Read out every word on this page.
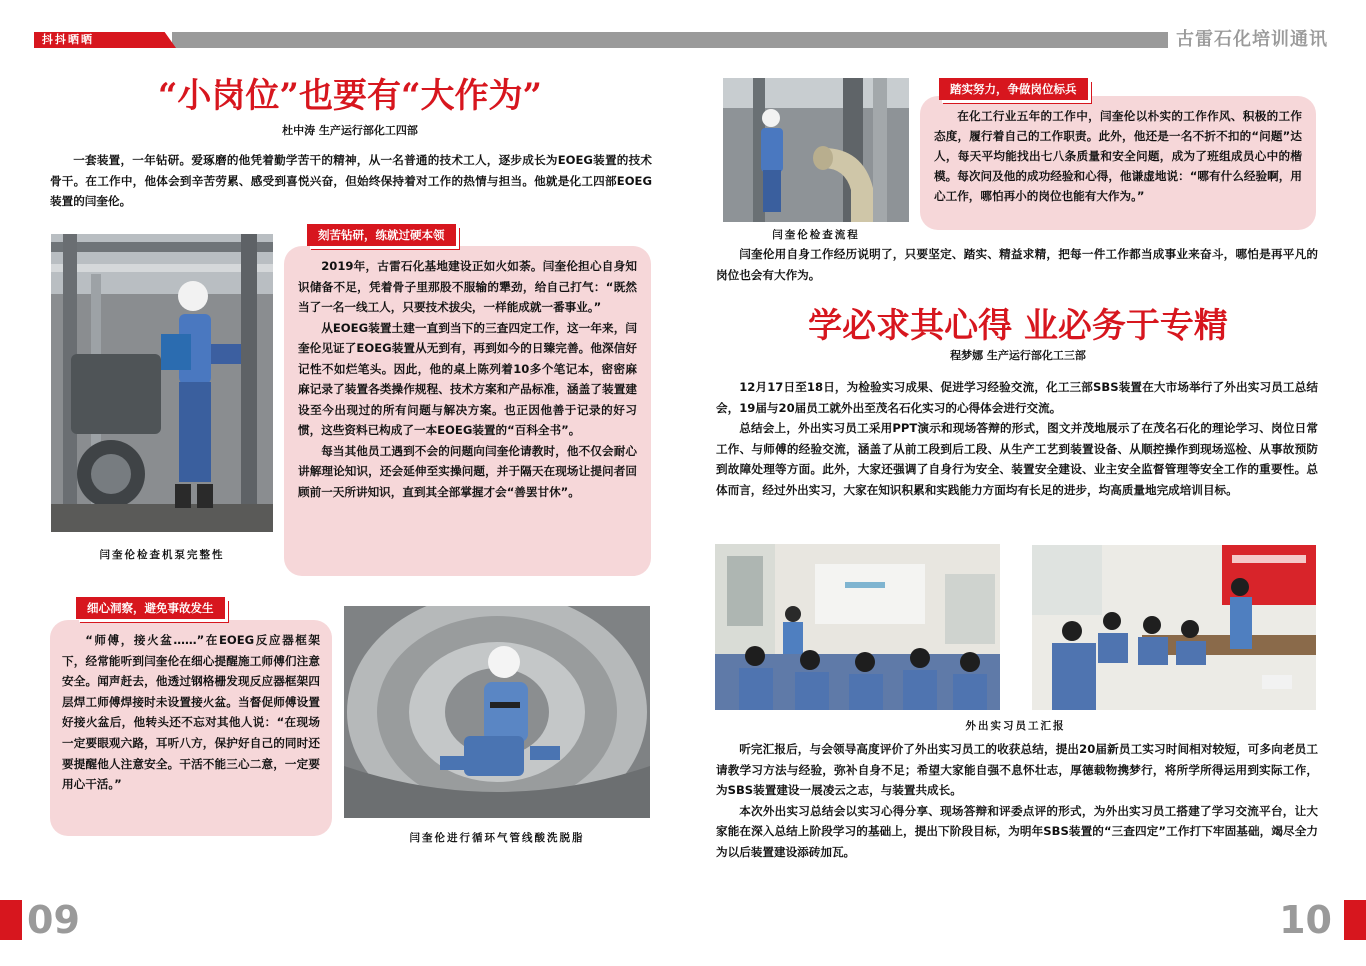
抖抖晒晒	古雷石化培训通讯
“小岗位”也要有“大作为”
杜中涛 生产运行部化工四部

一套装置，一年钻研。爱琢磨的他凭着勤学苦干的精神，从一名普通的技术工人，逐步成长为EOEG装置的技术骨干。在工作中，他体会到辛苦劳累、感受到喜悦兴奋，但始终保持着对工作的热情与担当。他就是化工四部EOEG装置的闫奎伦。

闫奎伦检查机泵完整性

2019年，古雷石化基地建设正如火如荼。闫奎伦担心自身知识储备不足，凭着骨子里那股不服输的犟劲，给自己打气：“既然当了一名一线工人，只要技术拔尖，一样能成就一番事业。”

从EOEG装置土建一直到当下的三查四定工作，这一年来，闫奎伦见证了EOEG装置从无到有，再到如今的日臻完善。他深信好记性不如烂笔头。因此，他的桌上陈列着10多个笔记本，密密麻麻记录了装置各类操作规程、技术方案和产品标准，涵盖了装置建设至今出现过的所有问题与解决方案。也正因他善于记录的好习惯，这些资料已构成了一本EOEG装置的“百科全书”。

每当其他员工遇到不会的问题向闫奎伦请教时，他不仅会耐心讲解理论知识，还会延伸至实操问题，并于隔天在现场让提问者回顾前一天所讲知识，直到其全部掌握才会“善罢甘休”。

刻苦钻研，练就过硬本领

“师傅，接火盆……”在EOEG反应器框架下，经常能听到闫奎伦在细心提醒施工师傅们注意安全。闻声赶去，他透过钢格栅发现反应器框架四层焊工师傅焊接时未设置接火盆。当督促师傅设置好接火盆后，他转头还不忘对其他人说：“在现场一定要眼观六路，耳听八方，保护好自己的同时还要提醒他人注意安全。干活不能三心二意，一定要用心干活。”

细心洞察，避免事故发生
闫奎伦进行循环气管线酸洗脱脂
闫奎伦检查流程

在化工行业五年的工作中，闫奎伦以朴实的工作作风、积极的工作态度，履行着自己的工作职责。此外，他还是一名不折不扣的“问题”达人，每天平均能找出七八条质量和安全问题，成为了班组成员心中的楷模。每次问及他的成功经验和心得，他谦虚地说：“哪有什么经验啊，用心工作，哪怕再小的岗位也能有大作为。”

踏实努力，争做岗位标兵

闫奎伦用自身工作经历说明了，只要坚定、踏实、精益求精，把每一件工作都当成事业来奋斗，哪怕是再平凡的岗位也会有大作为。

学必求其心得 业必务于专精
程梦娜 生产运行部化工三部

12月17日至18日，为检验实习成果、促进学习经验交流，化工三部SBS装置在大市场举行了外出实习员工总结会，19届与20届员工就外出至茂名石化实习的心得体会进行交流。

总结会上，外出实习员工采用PPT演示和现场答辩的形式，图文并茂地展示了在茂名石化的理论学习、岗位日常工作、与师傅的经验交流，涵盖了从前工段到后工段、从生产工艺到装置设备、从顺控操作到现场巡检、从事故预防到故障处理等方面。此外，大家还强调了自身行为安全、装置安全建设、业主安全监督管理等安全工作的重要性。总体而言，经过外出实习，大家在知识积累和实践能力方面均有长足的进步，均高质量地完成培训目标。

外出实习员工汇报

听完汇报后，与会领导高度评价了外出实习员工的收获总结，提出20届新员工实习时间相对较短，可多向老员工请教学习方法与经验，弥补自身不足；希望大家能自强不息怀壮志，厚德载物携梦行，将所学所得运用到实际工作，为SBS装置建设一展凌云之志，与装置共成长。

本次外出实习总结会以实习心得分享、现场答辩和评委点评的形式，为外出实习员工搭建了学习交流平台，让大家能在深入总结上阶段学习的基础上，提出下阶段目标，为明年SBS装置的“三查四定”工作打下牢固基础，竭尽全力为以后装置建设添砖加瓦。

09	10
